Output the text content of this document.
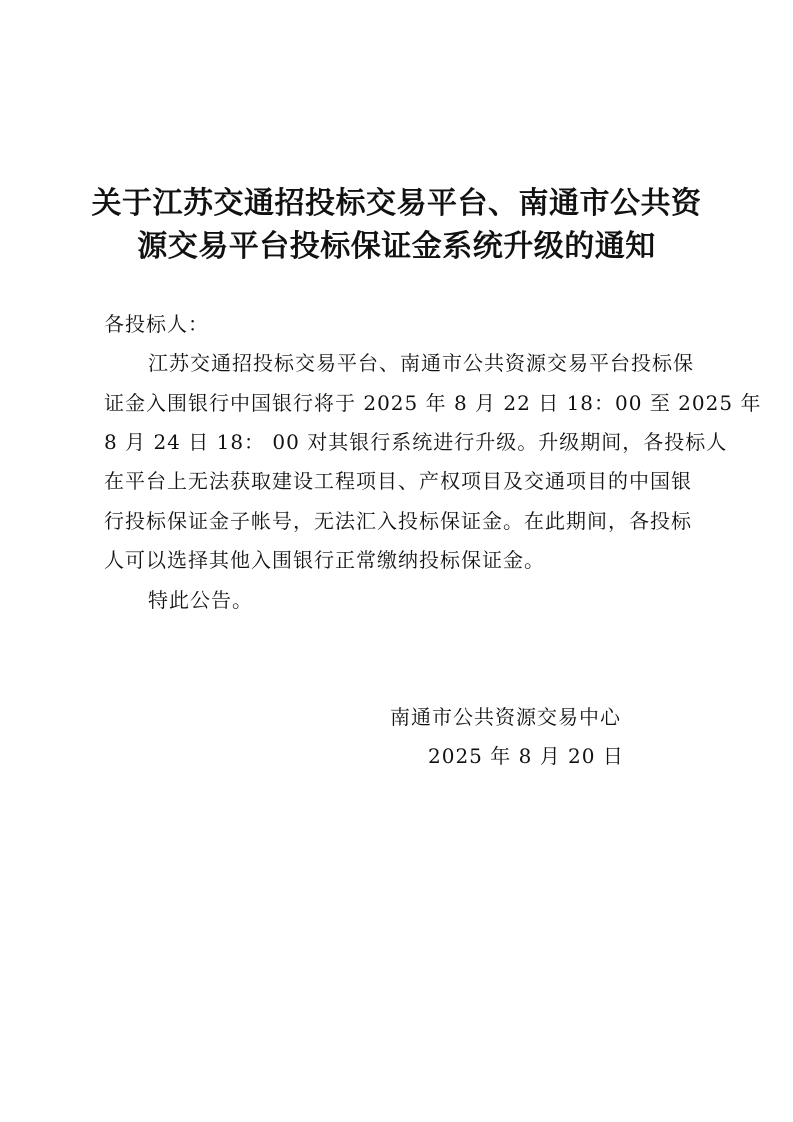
关于江苏交通招投标交易平台、南通市公共资
源交易平台投标保证金系统升级的通知
各投标人：
江苏交通招投标交易平台、南通市公共资源交易平台投标保
证金入围银行中国银行将于 2025 年 8 月 22 日 18：00 至 2025 年
8 月 24 日 18： 00 对其银行系统进行升级。升级期间，各投标人
在平台上无法获取建设工程项目、产权项目及交通项目的中国银
行投标保证金子帐号，无法汇入投标保证金。在此期间，各投标
人可以选择其他入围银行正常缴纳投标保证金。
特此公告。
南通市公共资源交易中心
2025 年 8 月 20 日
